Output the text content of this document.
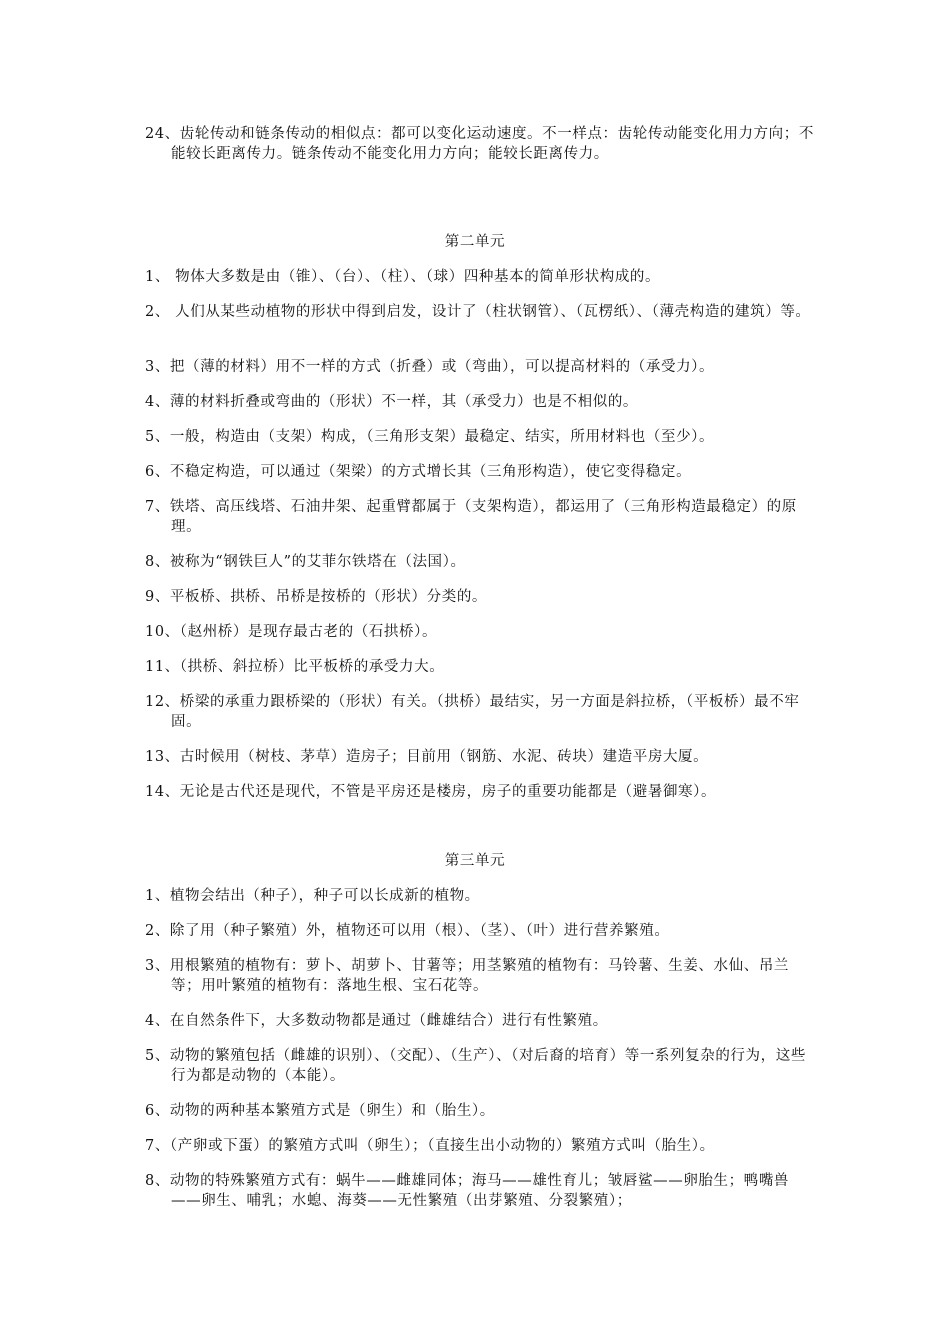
24、齿轮传动和链条传动的相似点：都可以变化运动速度。不一样点：齿轮传动能变化用力方向；不能较长距离传力。链条传动不能变化用力方向；能较长距离传力。

第二单元

1、 物体大多数是由（锥）、（台）、（柱）、（球）四种基本的简单形状构成的。

2、 人们从某些动植物的形状中得到启发，设计了（柱状钢管）、（瓦楞纸）、（薄壳构造的建筑）等。

3、把（薄的材料）用不一样的方式（折叠）或（弯曲），可以提高材料的（承受力）。

4、薄的材料折叠或弯曲的（形状）不一样，其（承受力）也是不相似的。

5、一般，构造由（支架）构成，（三角形支架）最稳定、结实，所用材料也（至少）。

6、不稳定构造，可以通过（架梁）的方式增长其（三角形构造），使它变得稳定。

7、铁塔、高压线塔、石油井架、起重臂都属于（支架构造），都运用了（三角形构造最稳定）的原理。

8、被称为“钢铁巨人”的艾菲尔铁塔在（法国）。

9、平板桥、拱桥、吊桥是按桥的（形状）分类的。

10、（赵州桥）是现存最古老的（石拱桥）。

11、（拱桥、斜拉桥）比平板桥的承受力大。

12、桥梁的承重力跟桥梁的（形状）有关。（拱桥）最结实，另一方面是斜拉桥，（平板桥）最不牢固。

13、古时候用（树枝、茅草）造房子；目前用（钢筋、水泥、砖块）建造平房大厦。

14、无论是古代还是现代，不管是平房还是楼房，房子的重要功能都是（避暑御寒）。

第三单元

1、植物会结出（种子），种子可以长成新的植物。

2、除了用（种子繁殖）外，植物还可以用（根）、（茎）、（叶）进行营养繁殖。

3、用根繁殖的植物有：萝卜、胡萝卜、甘薯等；用茎繁殖的植物有：马铃薯、生姜、水仙、吊兰等；用叶繁殖的植物有：落地生根、宝石花等。

4、在自然条件下，大多数动物都是通过（雌雄结合）进行有性繁殖。

5、动物的繁殖包括（雌雄的识别）、（交配）、（生产）、（对后裔的培育）等一系列复杂的行为，这些行为都是动物的（本能）。

6、动物的两种基本繁殖方式是（卵生）和（胎生）。

7、（产卵或下蛋）的繁殖方式叫（卵生）；（直接生出小动物的）繁殖方式叫（胎生）。

8、动物的特殊繁殖方式有：蜗牛——雌雄同体；海马——雄性育儿；皱唇鲨——卵胎生；鸭嘴兽——卵生、哺乳；水螅、海葵——无性繁殖（出芽繁殖、分裂繁殖）；
